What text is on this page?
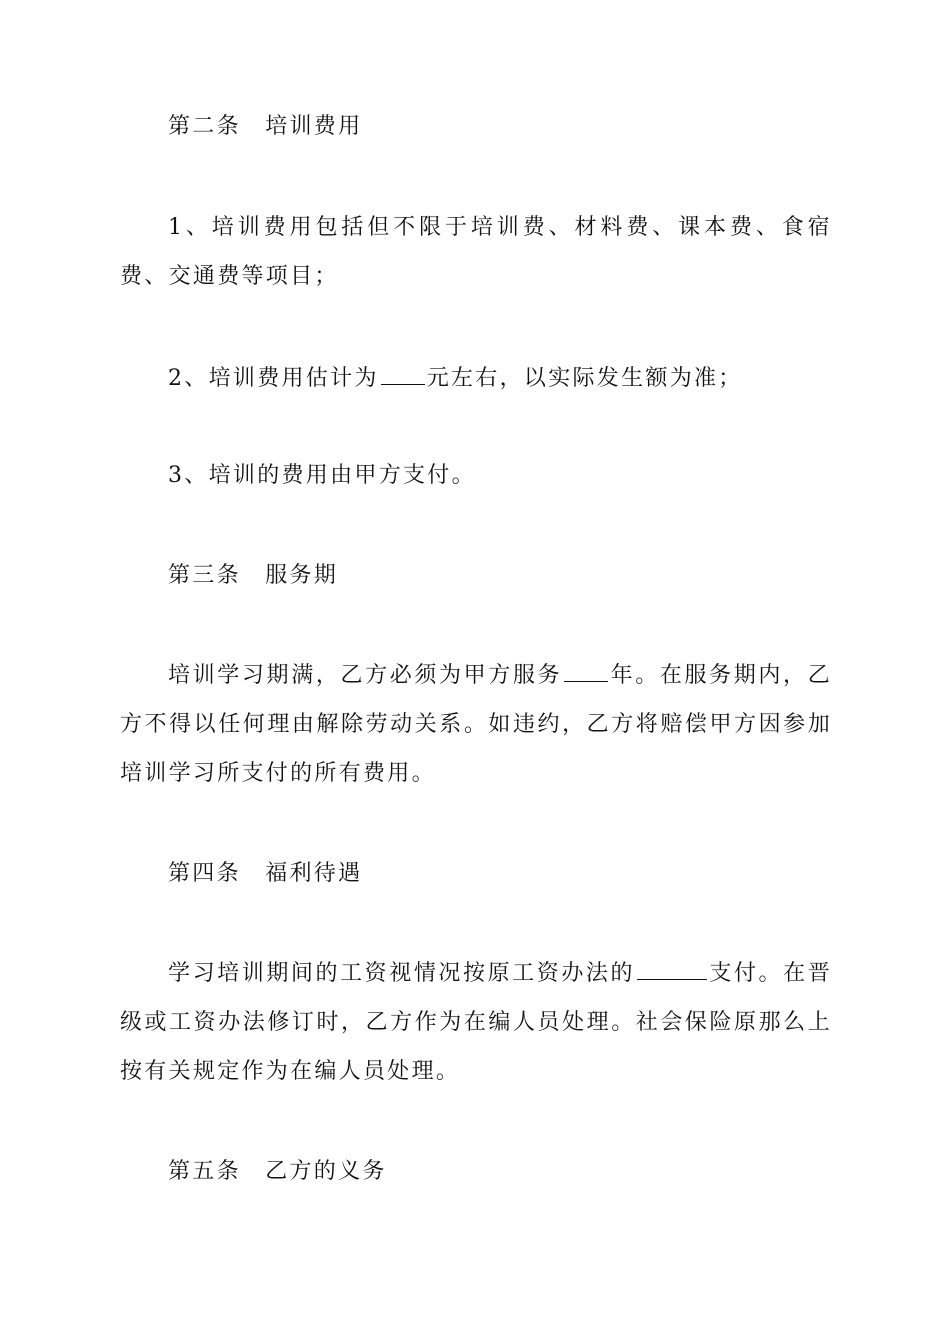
第二条　培训费用
1、培训费用包括但不限于培训费、材料费、课本费、食宿费、交通费等项目；
2、培训费用估计为 元左右，以实际发生额为准；
3、培训的费用由甲方支付。
第三条　服务期
培训学习期满，乙方必须为甲方服务 年。在服务期内，乙方不得以任何理由解除劳动关系。如违约，乙方将赔偿甲方因参加培训学习所支付的所有费用。
第四条　福利待遇
学习培训期间的工资视情况按原工资办法的	支付。在晋级或工资办法修订时，乙方作为在编人员处理。社会保险原那么上按有关规定作为在编人员处理。
第五条　乙方的义务
